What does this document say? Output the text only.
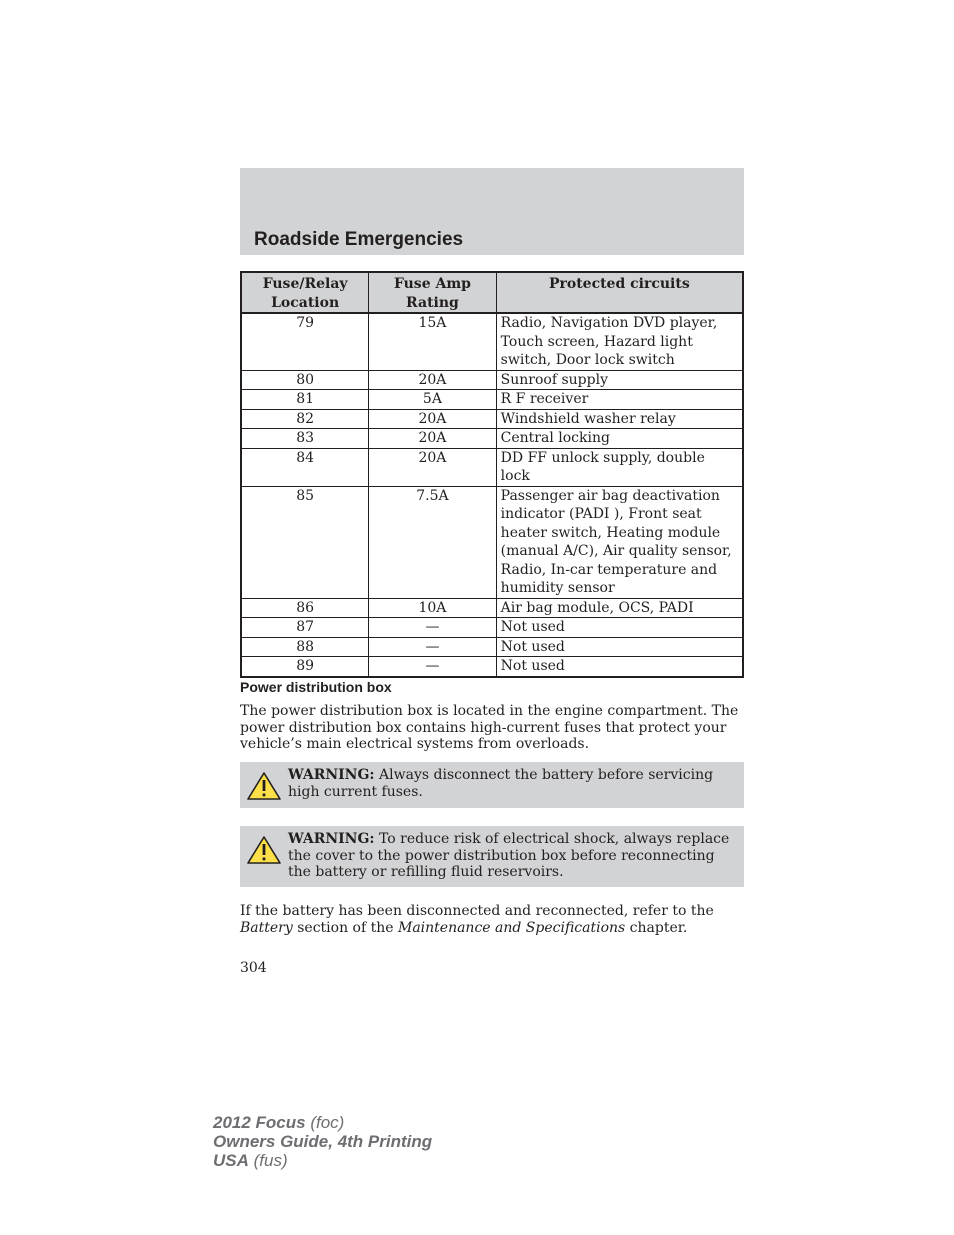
Roadside Emergencies
Fuse/Relay Location	Fuse Amp Rating	Protected circuits
79	15A	Radio, Navigation DVD player, Touch screen, Hazard light switch, Door lock switch
80	20A	Sunroof supply
81	5A	R F receiver
82	20A	Windshield washer relay
83	20A	Central locking
84	20A	DD FF unlock supply, double lock
85	7.5A	Passenger air bag deactivation indicator (PADI ), Front seat heater switch, Heating module (manual A/C), Air quality sensor, Radio, In-car temperature and humidity sensor
86	10A	Air bag module, OCS, PADI
87	—	Not used
88	—	Not used
89	—	Not used
Power distribution box

The power distribution box is located in the engine compartment. The power distribution box contains high-current fuses that protect your vehicle’s main electrical systems from overloads.

WARNING: Always disconnect the battery before servicing high current fuses.
WARNING: To reduce risk of electrical shock, always replace the cover to the power distribution box before reconnecting the battery or refilling fluid reservoirs.

If the battery has been disconnected and reconnected, refer to the Battery section of the Maintenance and Specifications chapter.

304
2012 Focus (foc)
Owners Guide, 4th Printing
USA (fus)
